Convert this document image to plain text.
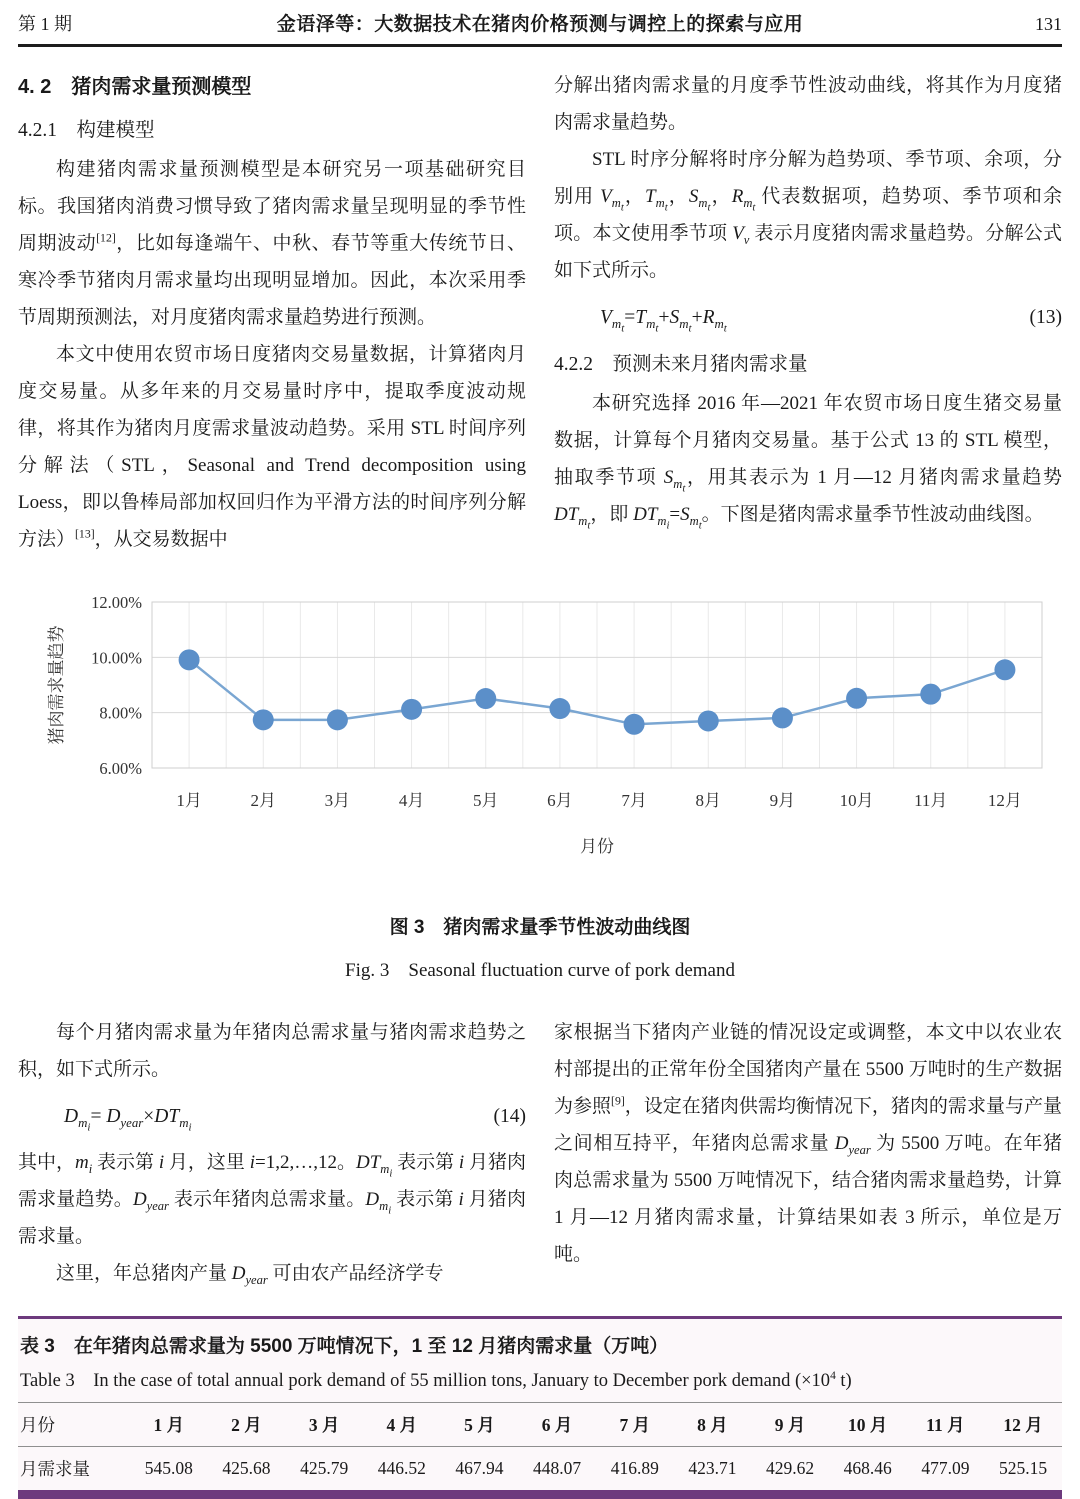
第 1 期	金语泽等：大数据技术在猪肉价格预测与调控上的探索与应用	131
4. 2　猪肉需求量预测模型
4.2.1　构建模型

构建猪肉需求量预测模型是本研究另一项基础研究目标。我国猪肉消费习惯导致了猪肉需求量呈现明显的季节性周期波动[12]，比如每逢端午、中秋、春节等重大传统节日、寒冷季节猪肉月需求量均出现明显增加。因此，本次采用季节周期预测法，对月度猪肉需求量趋势进行预测。

本文中使用农贸市场日度猪肉交易量数据，计算猪肉月度交易量。从多年来的月交易量时序中，提取季度波动规律，将其作为猪肉月度需求量波动趋势。采用 STL 时间序列分解法（STL，Seasonal and Trend decomposition using Loess，即以鲁棒局部加权回归作为平滑方法的时间序列分解方法）[13]，从交易数据中

分解出猪肉需求量的月度季节性波动曲线，将其作为月度猪肉需求量趋势。

STL 时序分解将时序分解为趋势项、季节项、余项，分别用 $V_{m_t}$，$T_{m_t}$，$S_{m_t}$，$R_{m_t}$ 代表数据项，趋势项、季节项和余项。本文使用季节项 $V_v$ 表示月度猪肉需求量趋势。分解公式如下式所示。

$V_{m_t}=T_{m_t}+S_{m_t}+R_{m_t}$
(13)
4.2.2　预测未来月猪肉需求量

本研究选择 2016 年—2021 年农贸市场日度生猪交易量数据，计算每个月猪肉交易量。基于公式 13 的 STL 模型，抽取季节项 $S_{m_t}$，用其表示为 1 月—12 月猪肉需求量趋势 $DT_{m_t}$，即 $DT_{m_i}=S_{m_t}$。下图是猪肉需求量季节性波动曲线图。

6.00%
8.00%
10.00%
12.00%
1月	2月	3月	4月	5月	6月	7月	8月	9月	10月 11月 12月
月份
猪肉需求量趋势
图 3　猪肉需求量季节性波动曲线图
Fig. 3　Seasonal fluctuation curve of pork demand

每个月猪肉需求量为年猪肉总需求量与猪肉需求趋势之积，如下式所示。

$D_{m_i}= D_{year}\times DT_{m_i}$
(14)

其中，$m_i$ 表示第 i 月，这里 i=1,2,…,12。$DT_{m_i}$ 表示第 i 月猪肉需求量趋势。$D_{year}$ 表示年猪肉总需求量。$D_{m_i}$ 表示第 i 月猪肉需求量。

这里，年总猪肉产量 $D_{year}$ 可由农产品经济学专

家根据当下猪肉产业链的情况设定或调整，本文中以农业农村部提出的正常年份全国猪肉产量在 5500 万吨时的生产数据为参照[9]，设定在猪肉供需均衡情况下，猪肉的需求量与产量之间相互持平，年猪肉总需求量 $D_{year}$ 为 5500 万吨。在年猪肉总需求量为 5500 万吨情况下，结合猪肉需求量趋势，计算 1 月—12 月猪肉需求量，计算结果如表 3 所示，单位是万吨。

表 3　在年猪肉总需求量为 5500 万吨情况下，1 至 12 月猪肉需求量（万吨）
Table 3　In the case of total annual pork demand of 55 million tons, January to December pork demand ($\times 10^4$ t)
月份	1 月	2 月	3 月	4 月	5 月	6 月	7 月	8 月	9 月	10 月	11 月	12 月
月需求量	545.08	425.68	425.79	446.52	467.94	448.07	416.89	423.71	429.62	468.46	477.09	525.15
